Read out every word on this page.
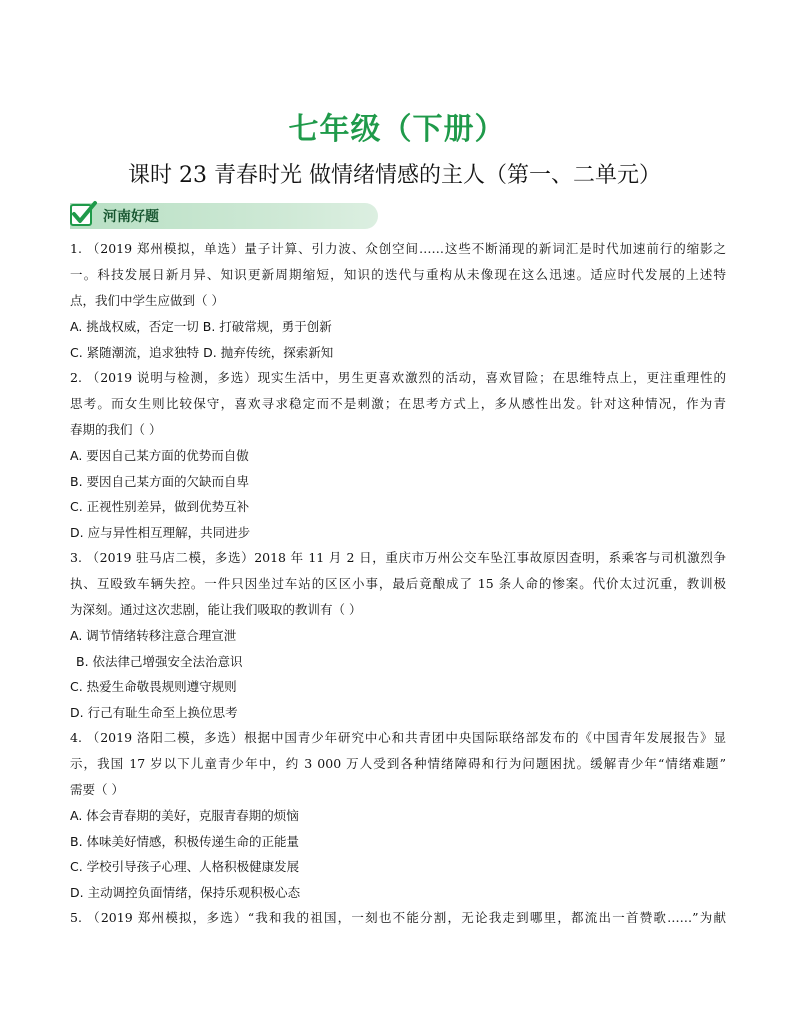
七年级（下册）
课时 23 青春时光 做情绪情感的主人（第一、二单元）
河南好题
1. （2019 郑州模拟，单选）量子计算、引力波、众创空间……这些不断涌现的新词汇是时代加速前行的缩影之
一。科技发展日新月异、知识更新周期缩短，知识的迭代与重构从未像现在这么迅速。适应时代发展的上述特
点，我们中学生应做到（ ）
A. 挑战权威，否定一切 B. 打破常规，勇于创新
C. 紧随潮流，追求独特 D. 抛弃传统，探索新知
2. （2019 说明与检测，多选）现实生活中，男生更喜欢激烈的活动，喜欢冒险；在思维特点上，更注重理性的
思考。而女生则比较保守，喜欢寻求稳定而不是刺激；在思考方式上，多从感性出发。针对这种情况，作为青
春期的我们（ ）
A. 要因自己某方面的优势而自傲
B. 要因自己某方面的欠缺而自卑
C. 正视性别差异，做到优势互补
D. 应与异性相互理解，共同进步
3. （2019 驻马店二模，多选）2018 年 11 月 2 日，重庆市万州公交车坠江事故原因查明，系乘客与司机激烈争
执、互殴致车辆失控。一件只因坐过车站的区区小事，最后竟酿成了 15 条人命的惨案。代价太过沉重，教训极
为深刻。通过这次悲剧，能让我们吸取的教训有（ ）
A. 调节情绪转移注意合理宣泄
B. 依法律己增强安全法治意识
C. 热爱生命敬畏规则遵守规则
D. 行己有耻生命至上换位思考
4. （2019 洛阳二模，多选）根据中国青少年研究中心和共青团中央国际联络部发布的《中国青年发展报告》显
示，我国 17 岁以下儿童青少年中，约 3 000 万人受到各种情绪障碍和行为问题困扰。缓解青少年“情绪难题”
需要（ ）
A. 体会青春期的美好，克服青春期的烦恼
B. 体味美好情感，积极传递生命的正能量
C. 学校引导孩子心理、人格积极健康发展
D. 主动调控负面情绪，保持乐观积极心态
5. （2019 郑州模拟，多选）“我和我的祖国，一刻也不能分割，无论我走到哪里，都流出一首赞歌……”为献
